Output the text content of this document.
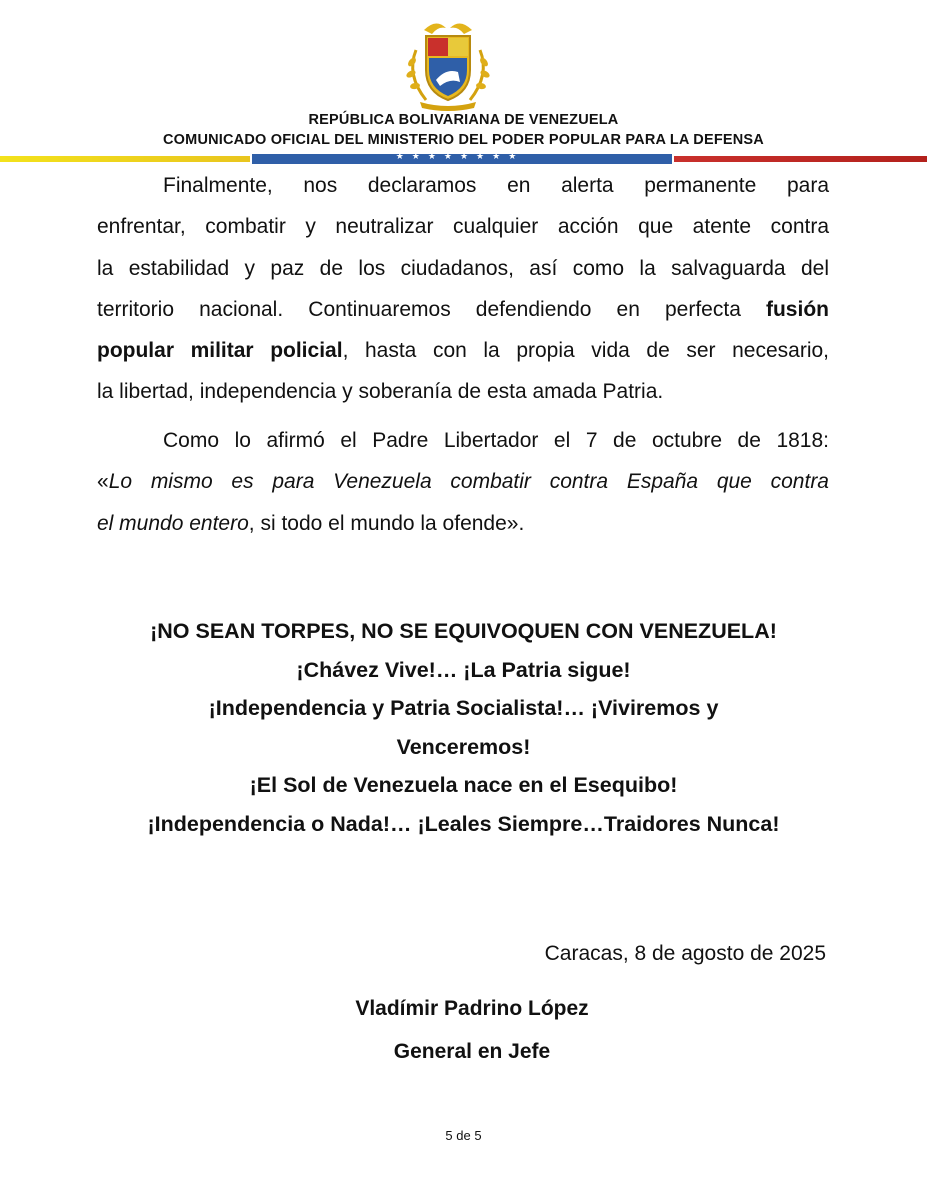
REPÚBLICA BOLIVARIANA DE VENEZUELA
COMUNICADO OFICIAL DEL MINISTERIO DEL PODER POPULAR PARA LA DEFENSA
★★★★★★★★
Finalmente, nos declaramos en alerta permanente para
enfrentar, combatir y neutralizar cualquier acción que atente contra
la estabilidad y paz de los ciudadanos, así como la salvaguarda del
territorio nacional. Continuaremos defendiendo en perfecta fusión
popular militar policial, hasta con la propia vida de ser necesario,
la libertad, independencia y soberanía de esta amada Patria.
Como lo afirmó el Padre Libertador el 7 de octubre de 1818:
«Lo mismo es para Venezuela combatir contra España que contra
el mundo entero, si todo el mundo la ofende».
¡NO SEAN TORPES, NO SE EQUIVOQUEN CON VENEZUELA!
¡Chávez Vive!… ¡La Patria sigue!
¡Independencia y Patria Socialista!… ¡Viviremos y
Venceremos!
¡El Sol de Venezuela nace en el Esequibo!
¡Independencia o Nada!… ¡Leales Siempre…Traidores Nunca!
Caracas, 8 de agosto de 2025
Vladímir Padrino López
General en Jefe
5 de 5
